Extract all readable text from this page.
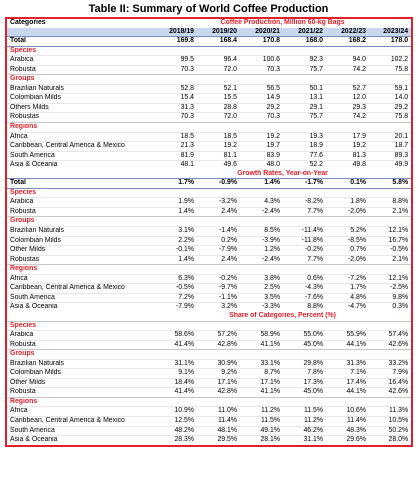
Table II: Summary of World Coffee Production
Categories	Coffee Production, Million 60-kg Bags					
	2018/19	2019/20	2020/21	2021/22	2022/23	2023/24
Total	169.8	168.4	170.8	168.0	168.2	178.0
Species						
Arabica	99.5	96.4	100.6	92.3	94.0	102.2
Robusta	70.3	72.0	70.3	75.7	74.2	75.8
Groups						
Brazilian Naturals	52.8	52.1	56.5	50.1	52.7	59.1
Colombian Milds	15.4	15.5	14.9	13.1	12.0	14.0
Others Milds	31.3	28.8	29.2	29.1	29.3	29.2
Robustas	70.3	72.0	70.3	75.7	74.2	75.8
Regions						
Africa	18.5	18.5	19.2	19.3	17.9	20.1
Caribbean, Central America & Mexico	21.3	19.2	19.7	18.9	19.2	18.7
South America	81.9	81.1	83.9	77.6	81.3	89.3
Asia & Oceania	48.1	49.6	48.0	52.2	49.8	49.9
	Growth Rates, Year-on-Year					
Total	1.7%	-0.9%	1.4%	-1.7%	0.1%	5.8%
Species						
Arabica	1.9%	-3.2%	4.3%	-8.2%	1.8%	8.8%
Robusta	1.4%	2.4%	-2.4%	7.7%	-2.0%	2.1%
Groups						
Brazilian Naturals	3.1%	-1.4%	8.5%	-11.4%	5.2%	12.1%
Colombian Milds	2.2%	0.2%	-3.9%	-11.8%	-8.5%	16.7%
Other Milds	-0.1%	-7.9%	1.2%	-0.2%	0.7%	-0.5%
Robustas	1.4%	2.4%	-2.4%	7.7%	-2.0%	2.1%
Regions						
Africa	6.3%	-0.2%	3.8%	0.6%	-7.2%	12.1%
Caribbean, Central America & Mexico	-0.5%	-9.7%	2.5%	-4.3%	1.7%	-2.5%
South America	7.2%	-1.1%	3.5%	-7.6%	4.8%	9.8%
Asia & Oceania	-7.9%	3.2%	-3.3%	8.8%	-4.7%	0.3%
	Share of Categories, Percent (%)					
Species						
Arabica	58.6%	57.2%	58.9%	55.0%	55.9%	57.4%
Robusta	41.4%	42.8%	41.1%	45.0%	44.1%	42.6%
Groups						
Brazilian Naturals	31.1%	30.9%	33.1%	29.8%	31.3%	33.2%
Colombian Milds	9.1%	9.2%	8.7%	7.8%	7.1%	7.9%
Other Milds	18.4%	17.1%	17.1%	17.3%	17.4%	16.4%
Robusta	41.4%	42.8%	41.1%	45.0%	44.1%	42.6%
Regions						
Africa	10.9%	11.0%	11.2%	11.5%	10.6%	11.3%
Caribbean, Central America & Mexico	12.5%	11.4%	11.5%	11.2%	11.4%	10.5%
South America	48.2%	48.1%	49.1%	46.2%	48.3%	50.2%
Asia & Oceania	28.3%	29.5%	28.1%	31.1%	29.6%	28.0%
